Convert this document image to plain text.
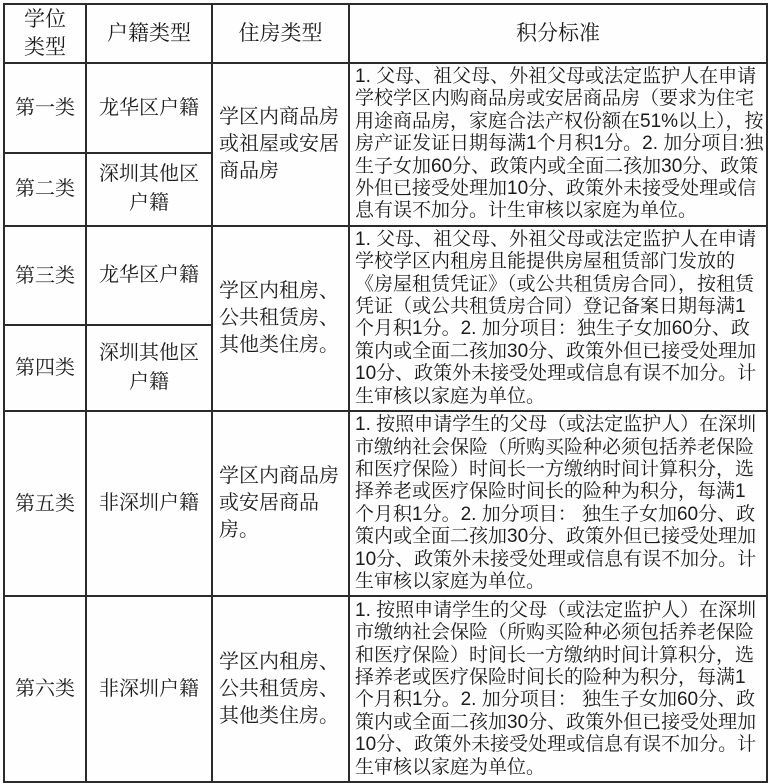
学位类型	户籍类型	住房类型	积分标准
第一类	龙华区户籍	学区内商品房或祖屋或安居商品房	1. 父母、祖父母、外祖父母或法定监护人在申请学校学区内购商品房或安居商品房（要求为住宅用途商品房，家庭合法产权份额在51%以上），按房产证发证日期每满1个月积1分。2. 加分项目:独生子女加60分、政策内或全面二孩加30分、政策外但已接受处理加10分、政策外未接受处理或信息有误不加分。计生审核以家庭为单位。
第二类	深圳其他区户籍		
第三类	龙华区户籍	学区内租房、公共租赁房、其他类住房。	1. 父母、祖父母、外祖父母或法定监护人在申请学校学区内租房且能提供房屋租赁部门发放的《房屋租赁凭证》（或公共租赁房合同），按租赁凭证（或公共租赁房合同）登记备案日期每满1个月积1分。2. 加分项目：独生子女加60分、政策内或全面二孩加30分、政策外但已接受处理加10分、政策外未接受处理或信息有误不加分。计生审核以家庭为单位。
第四类	深圳其他区户籍		
第五类	非深圳户籍	学区内商品房或安居商品房。	1. 按照申请学生的父母（或法定监护人）在深圳市缴纳社会保险（所购买险种必须包括养老保险和医疗保险）时间长一方缴纳时间计算积分，选择养老或医疗保险时间长的险种为积分，每满1个月积1分。2. 加分项目： 独生子女加60分、政策内或全面二孩加30分、政策外但已接受处理加10分、政策外未接受处理或信息有误不加分。计生审核以家庭为单位。
第六类	非深圳户籍	学区内租房、公共租赁房、其他类住房。	1. 按照申请学生的父母（或法定监护人）在深圳市缴纳社会保险（所购买险种必须包括养老保险和医疗保险）时间长一方缴纳时间计算积分，选择养老或医疗保险时间长的险种为积分，每满1个月积1分。2. 加分项目： 独生子女加60分、政策内或全面二孩加30分、政策外但已接受处理加10分、政策外未接受处理或信息有误不加分。计生审核以家庭为单位。
